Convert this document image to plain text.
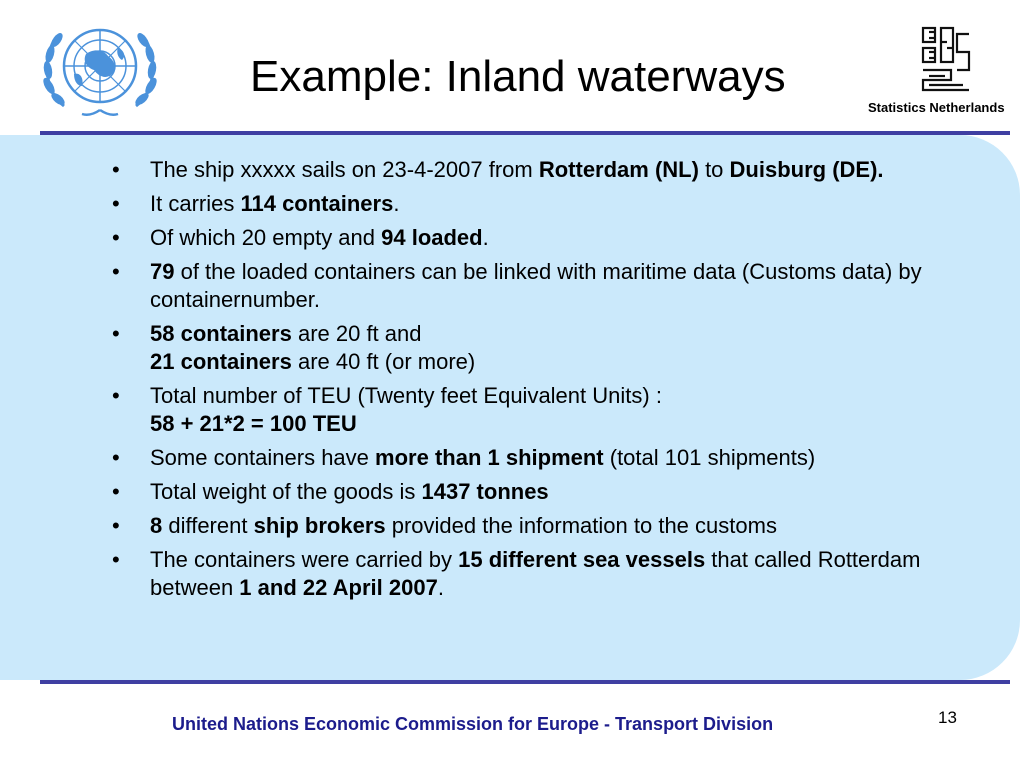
Example: Inland waterways

Statistics Netherlands

• The ship xxxxx sails on 23-4-2007 from Rotterdam (NL) to Duisburg (DE).
• It carries 114 containers.
• Of which 20 empty and 94 loaded.
• 79 of the loaded containers can be linked with maritime data (Customs data) by containernumber.
• 58 containers are 20 ft and
21 containers are 40 ft (or more)
• Total number of TEU (Twenty feet Equivalent Units) :
58 + 21*2 = 100 TEU
• Some containers have more than 1 shipment (total 101 shipments)
• Total weight of the goods is 1437 tonnes
• 8 different ship brokers provided the information to the customs
• The containers were carried by 15 different sea vessels that called Rotterdam between 1 and 22 April 2007.

United Nations Economic Commission for Europe - Transport Division	13
